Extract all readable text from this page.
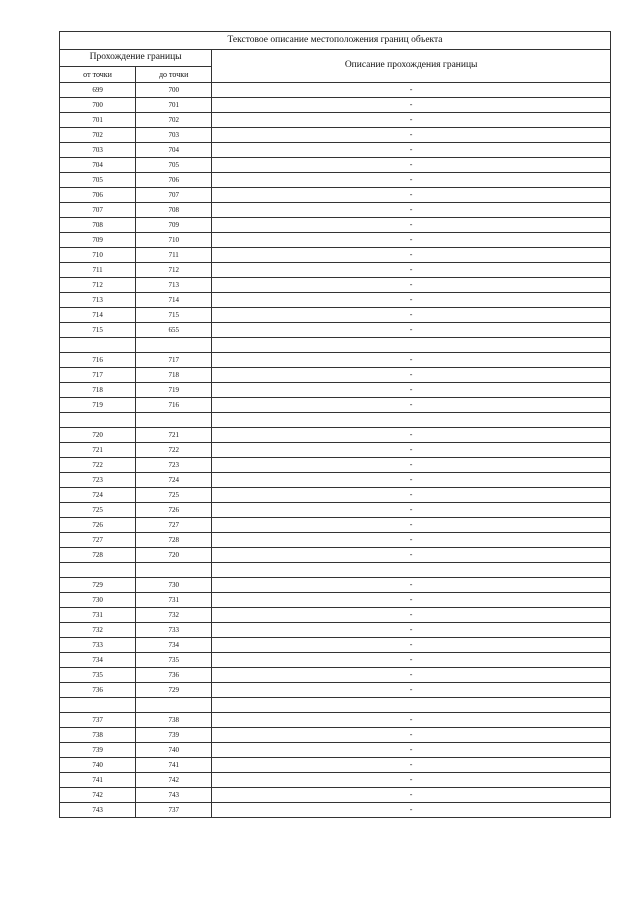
Текстовое описание местоположения границ объекта		
Прохождение границы		Описание прохождения границы
от точки	до точки	
699	700	-
700	701	-
701	702	-
702	703	-
703	704	-
704	705	-
705	706	-
706	707	-
707	708	-
708	709	-
709	710	-
710	711	-
711	712	-
712	713	-
713	714	-
714	715	-
715	655	-

716	717	-
717	718	-
718	719	-
719	716	-

720	721	-
721	722	-
722	723	-
723	724	-
724	725	-
725	726	-
726	727	-
727	728	-
728	720	-

729	730	-
730	731	-
731	732	-
732	733	-
733	734	-
734	735	-
735	736	-
736	729	-

737	738	-
738	739	-
739	740	-
740	741	-
741	742	-
742	743	-
743	737	-
